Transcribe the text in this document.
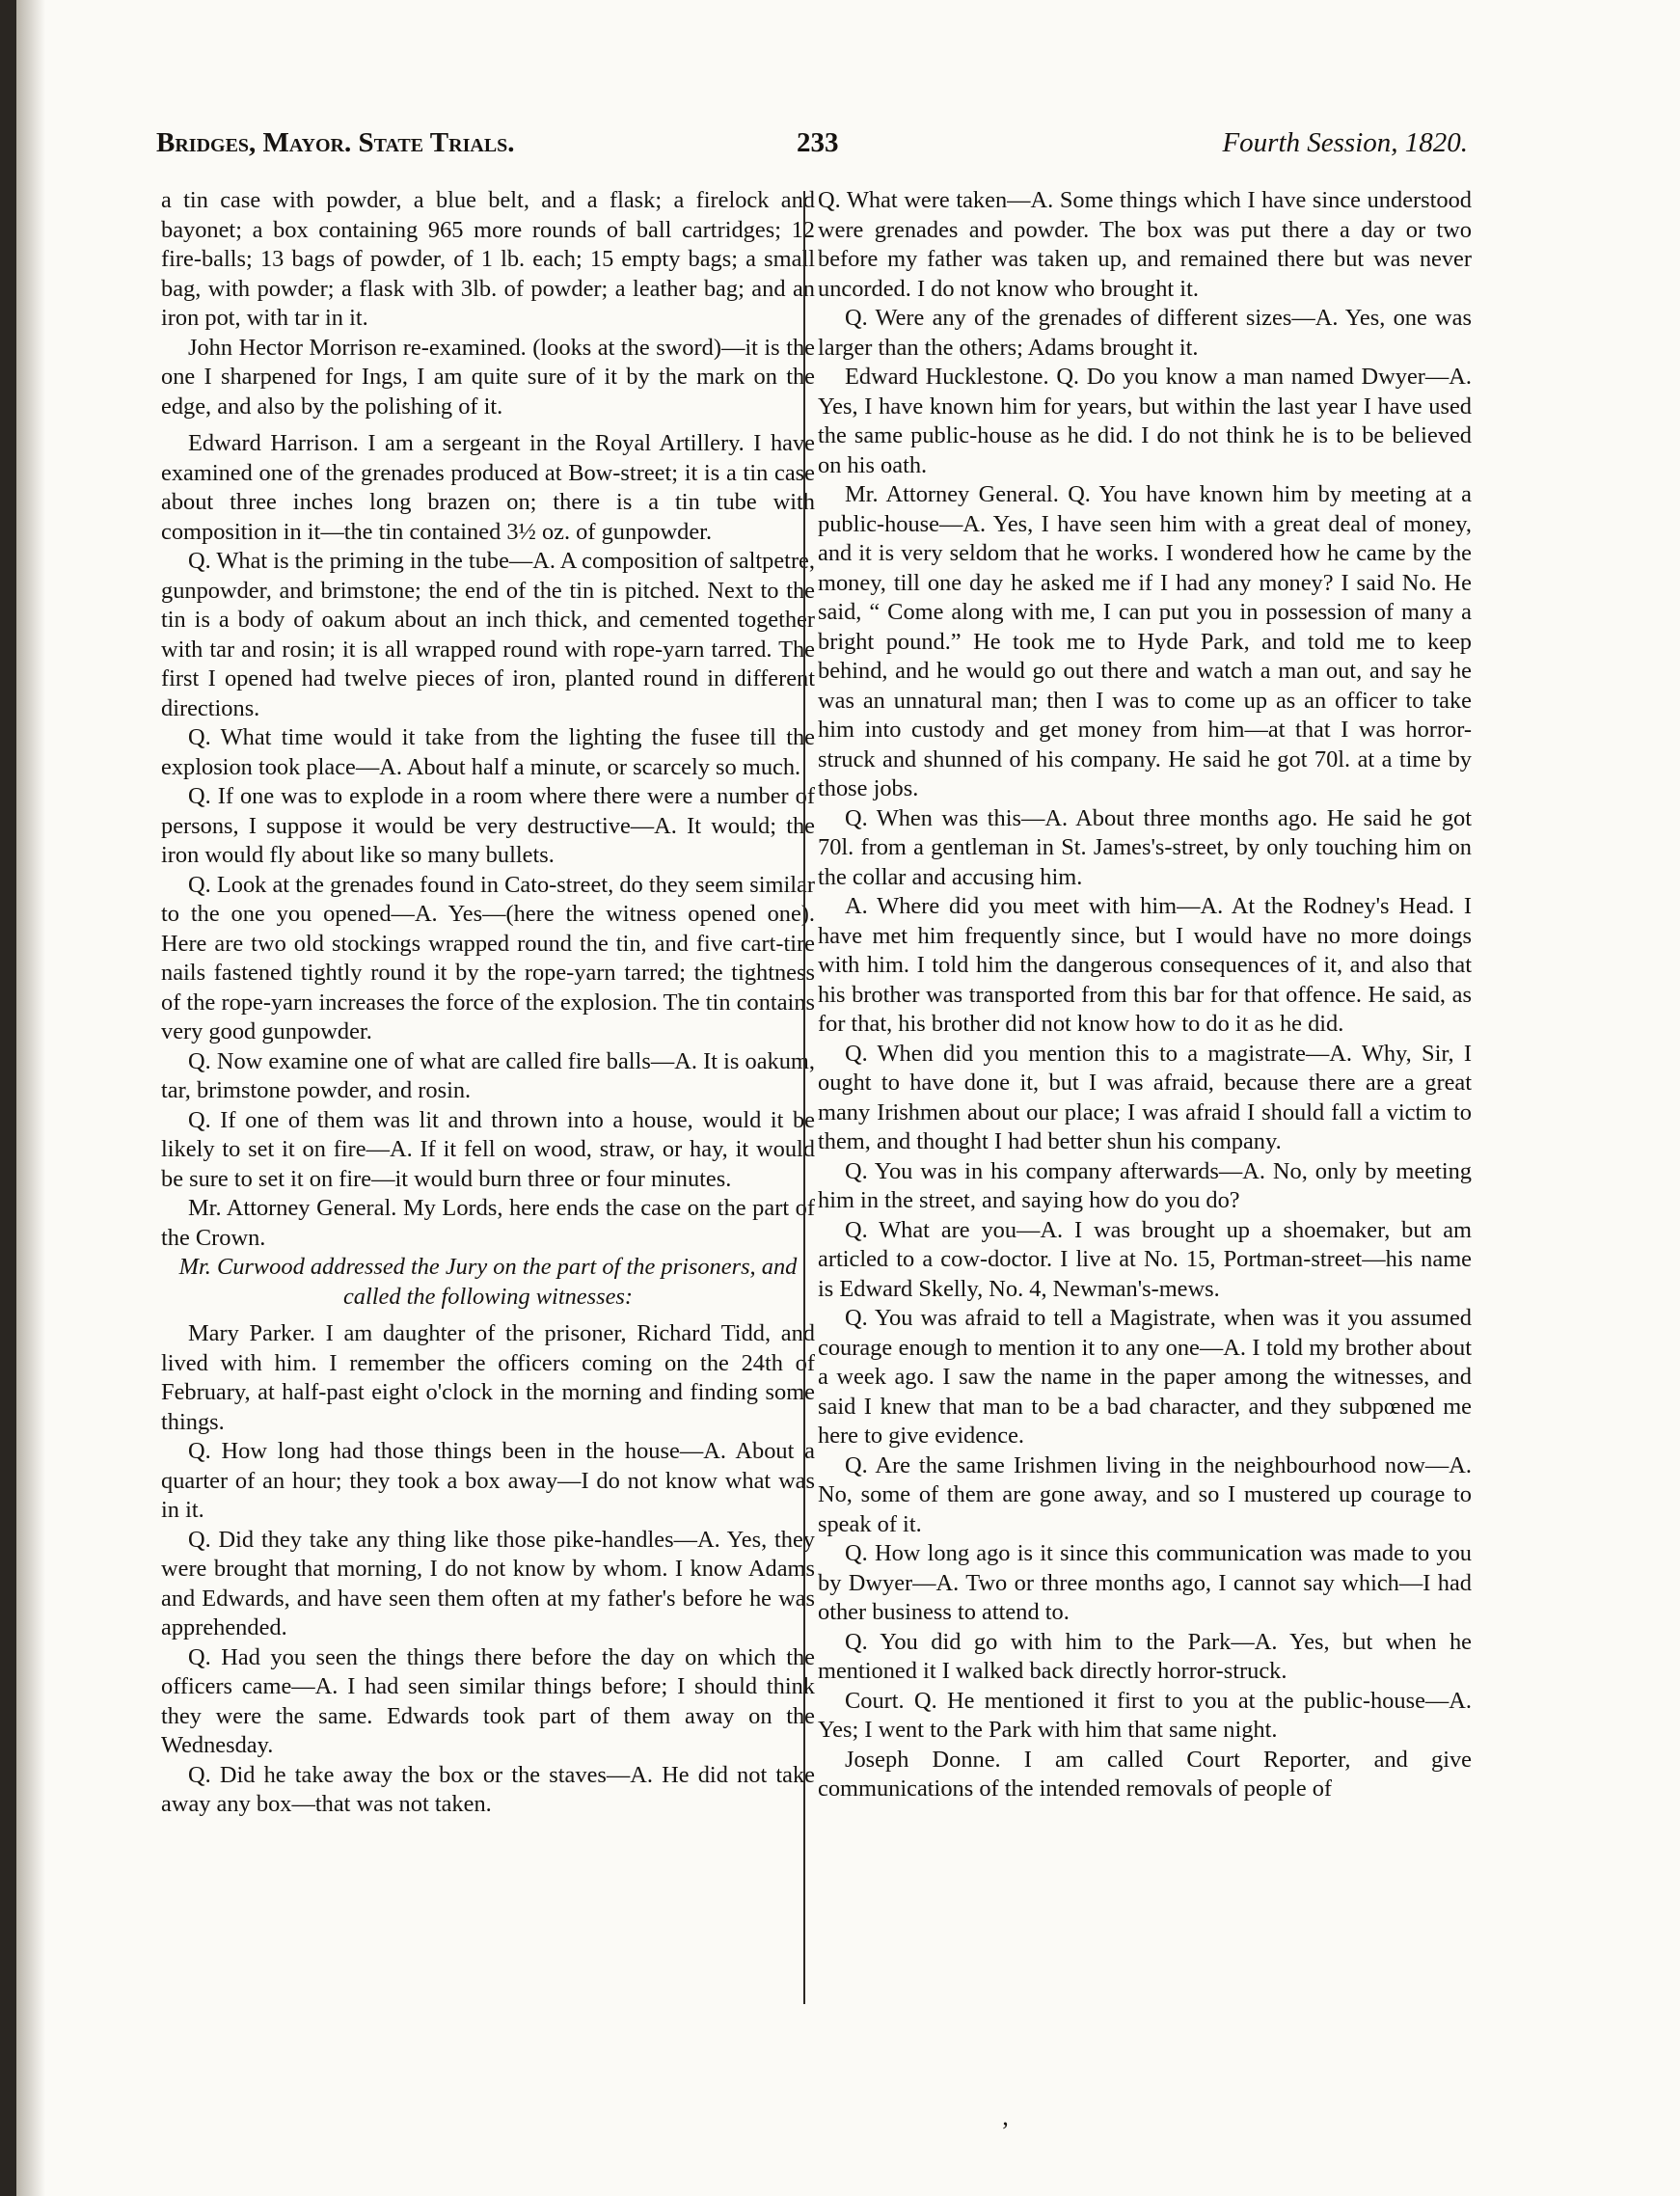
Bridges, Mayor. State Trials.	233	Fourth Session, 1820.

a tin case with powder, a blue belt, and a flask; a firelock and bayonet; a box containing 965 more rounds of ball cartridges; 12 fire-balls; 13 bags of powder, of 1 lb. each; 15 empty bags; a small bag, with powder; a flask with 3lb. of powder; a leather bag; and an iron pot, with tar in it.

John Hector Morrison re-examined. (looks at the sword)—it is the one I sharpened for Ings, I am quite sure of it by the mark on the edge, and also by the polishing of it.

Edward Harrison. I am a sergeant in the Royal Artillery. I have examined one of the grenades produced at Bow-street; it is a tin case about three inches long brazen on; there is a tin tube with composition in it—the tin contained 3½ oz. of gunpowder.

Q. What is the priming in the tube—A. A composition of saltpetre, gunpowder, and brimstone; the end of the tin is pitched. Next to the tin is a body of oakum about an inch thick, and cemented together with tar and rosin; it is all wrapped round with rope-yarn tarred. The first I opened had twelve pieces of iron, planted round in different directions.

Q. What time would it take from the lighting the fusee till the explosion took place—A. About half a minute, or scarcely so much.

Q. If one was to explode in a room where there were a number of persons, I suppose it would be very destructive—A. It would; the iron would fly about like so many bullets.

Q. Look at the grenades found in Cato-street, do they seem similar to the one you opened—A. Yes—(here the witness opened one). Here are two old stockings wrapped round the tin, and five cart-tire nails fastened tightly round it by the rope-yarn tarred; the tightness of the rope-yarn increases the force of the explosion. The tin contains very good gunpowder.

Q. Now examine one of what are called fire balls—A. It is oakum, tar, brimstone powder, and rosin.

Q. If one of them was lit and thrown into a house, would it be likely to set it on fire—A. If it fell on wood, straw, or hay, it would be sure to set it on fire—it would burn three or four minutes.

Mr. Attorney General. My Lords, here ends the case on the part of the Crown.

Mr. Curwood addressed the Jury on the part of the prisoners, and called the following witnesses:

Mary Parker. I am daughter of the prisoner, Richard Tidd, and lived with him. I remember the officers coming on the 24th of February, at half-past eight o'clock in the morning and finding some things.

Q. How long had those things been in the house—A. About a quarter of an hour; they took a box away—I do not know what was in it.

Q. Did they take any thing like those pike-handles—A. Yes, they were brought that morning, I do not know by whom. I know Adams and Edwards, and have seen them often at my father's before he was apprehended.

Q. Had you seen the things there before the day on which the officers came—A. I had seen similar things before; I should think they were the same. Edwards took part of them away on the Wednesday.

Q. Did he take away the box or the staves—A. He did not take away any box—that was not taken.

Q. What were taken—A. Some things which I have since understood were grenades and powder. The box was put there a day or two before my father was taken up, and remained there but was never uncorded. I do not know who brought it.

Q. Were any of the grenades of different sizes—A. Yes, one was larger than the others; Adams brought it.

Edward Hucklestone. Q. Do you know a man named Dwyer—A. Yes, I have known him for years, but within the last year I have used the same public-house as he did. I do not think he is to be believed on his oath.

Mr. Attorney General. Q. You have known him by meeting at a public-house—A. Yes, I have seen him with a great deal of money, and it is very seldom that he works. I wondered how he came by the money, till one day he asked me if I had any money? I said No. He said, “ Come along with me, I can put you in possession of many a bright pound.” He took me to Hyde Park, and told me to keep behind, and he would go out there and watch a man out, and say he was an unnatural man; then I was to come up as an officer to take him into custody and get money from him—at that I was horror-struck and shunned of his company. He said he got 70l. at a time by those jobs.

Q. When was this—A. About three months ago. He said he got 70l. from a gentleman in St. James's-street, by only touching him on the collar and accusing him.

A. Where did you meet with him—A. At the Rodney's Head. I have met him frequently since, but I would have no more doings with him. I told him the dangerous consequences of it, and also that his brother was transported from this bar for that offence. He said, as for that, his brother did not know how to do it as he did.

Q. When did you mention this to a magistrate—A. Why, Sir, I ought to have done it, but I was afraid, because there are a great many Irishmen about our place; I was afraid I should fall a victim to them, and thought I had better shun his company.

Q. You was in his company afterwards—A. No, only by meeting him in the street, and saying how do you do?

Q. What are you—A. I was brought up a shoemaker, but am articled to a cow-doctor. I live at No. 15, Portman-street—his name is Edward Skelly, No. 4, Newman's-mews.

Q. You was afraid to tell a Magistrate, when was it you assumed courage enough to mention it to any one—A. I told my brother about a week ago. I saw the name in the paper among the witnesses, and said I knew that man to be a bad character, and they subpœned me here to give evidence.

Q. Are the same Irishmen living in the neighbourhood now—A. No, some of them are gone away, and so I mustered up courage to speak of it.

Q. How long ago is it since this communication was made to you by Dwyer—A. Two or three months ago, I cannot say which—I had other business to attend to.

Q. You did go with him to the Park—A. Yes, but when he mentioned it I walked back directly horror-struck.

Court. Q. He mentioned it first to you at the public-house—A. Yes; I went to the Park with him that same night.

Joseph Donne. I am called Court Reporter, and give communications of the intended removals of people of

’
